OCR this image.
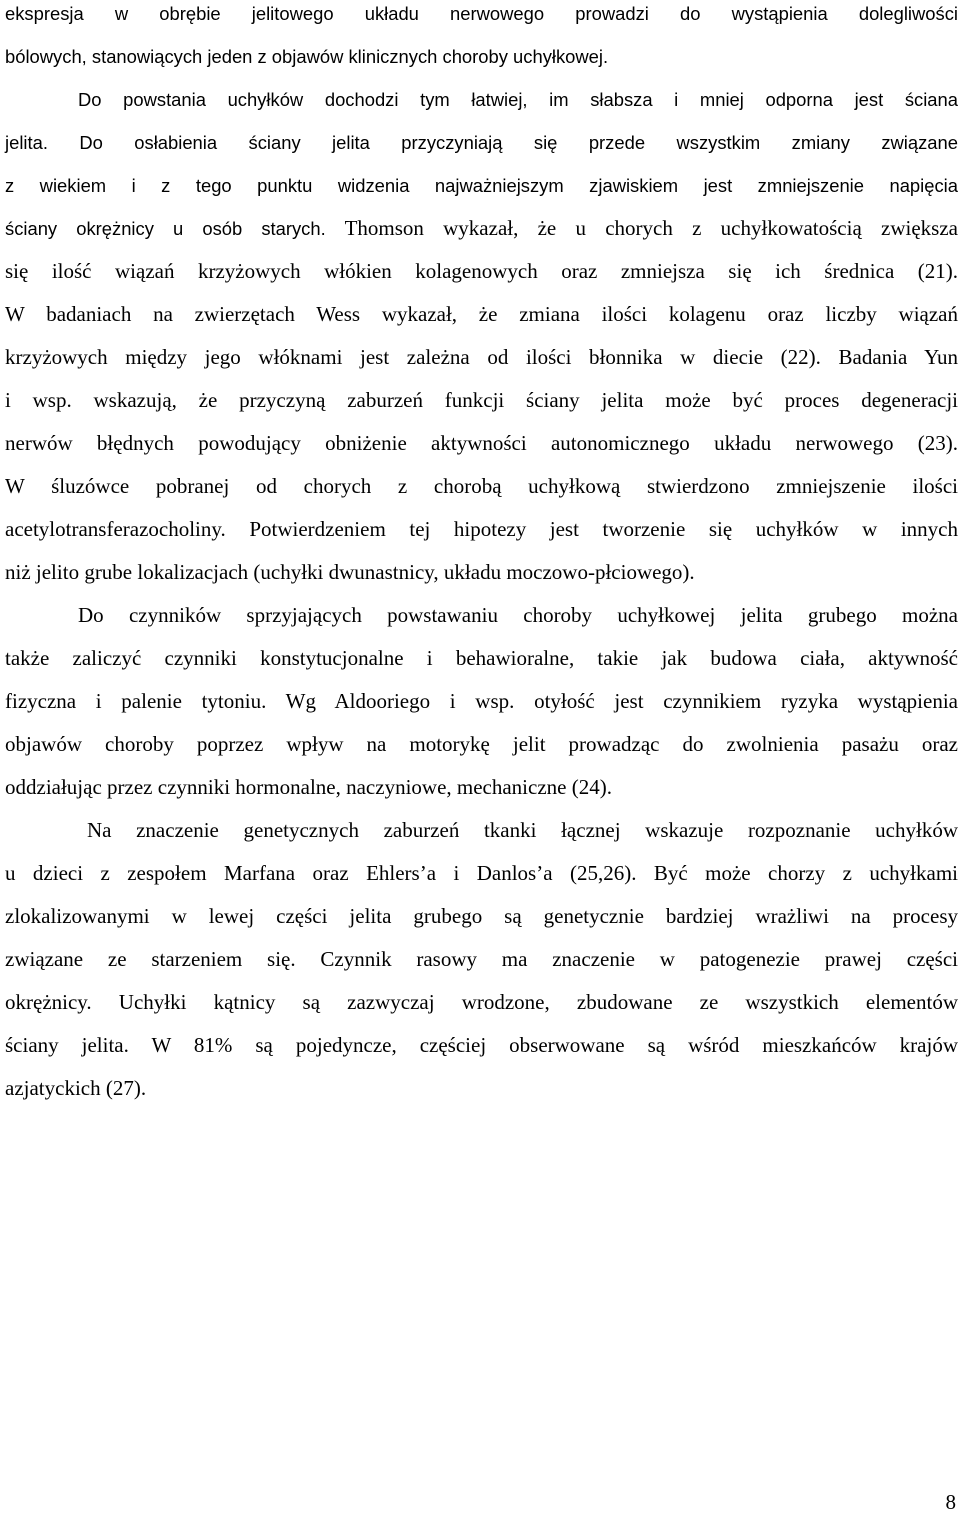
ekspresja w obrębie jelitowego układu nerwowego prowadzi do wystąpienia dolegliwości
bólowych, stanowiących jeden z objawów klinicznych choroby uchyłkowej.
Do powstania uchyłków dochodzi tym łatwiej, im słabsza i mniej odporna jest ściana
jelita. Do osłabienia ściany jelita przyczyniają się przede wszystkim zmiany związane
z wiekiem i z tego punktu widzenia najważniejszym zjawiskiem jest zmniejszenie napięcia
ściany okrężnicy u osób starych. Thomson wykazał, że u chorych z uchyłkowatością zwiększa
się ilość wiązań krzyżowych włókien kolagenowych oraz zmniejsza się ich średnica (21).
W badaniach na zwierzętach Wess wykazał, że zmiana ilości kolagenu oraz liczby wiązań
krzyżowych między jego włóknami jest zależna od ilości błonnika w diecie (22). Badania Yun
i wsp. wskazują, że przyczyną zaburzeń funkcji ściany jelita może być proces degeneracji
nerwów błędnych powodujący obniżenie aktywności autonomicznego układu nerwowego (23).
W śluzówce pobranej od chorych z chorobą uchyłkową stwierdzono zmniejszenie ilości
acetylotransferazocholiny. Potwierdzeniem tej hipotezy jest tworzenie się uchyłków w innych
niż jelito grube lokalizacjach (uchyłki dwunastnicy, układu moczowo-płciowego).
Do czynników sprzyjających powstawaniu choroby uchyłkowej jelita grubego można
także zaliczyć czynniki konstytucjonalne i behawioralne, takie jak budowa ciała, aktywność
fizyczna i palenie tytoniu. Wg Aldooriego i wsp. otyłość jest czynnikiem ryzyka wystąpienia
objawów choroby poprzez wpływ na motorykę jelit prowadząc do zwolnienia pasażu oraz
oddziałując przez czynniki hormonalne, naczyniowe, mechaniczne (24).
Na znaczenie genetycznych zaburzeń tkanki łącznej wskazuje rozpoznanie uchyłków
u dzieci z zespołem Marfana oraz Ehlers’a i Danlos’a (25,26). Być może chorzy z uchyłkami
zlokalizowanymi w lewej części jelita grubego są genetycznie bardziej wrażliwi na procesy
związane ze starzeniem się. Czynnik rasowy ma znaczenie w patogenezie prawej części
okrężnicy. Uchyłki kątnicy są zazwyczaj wrodzone, zbudowane ze wszystkich elementów
ściany jelita. W 81% są pojedyncze, częściej obserwowane są wśród mieszkańców krajów
azjatyckich (27).
8
